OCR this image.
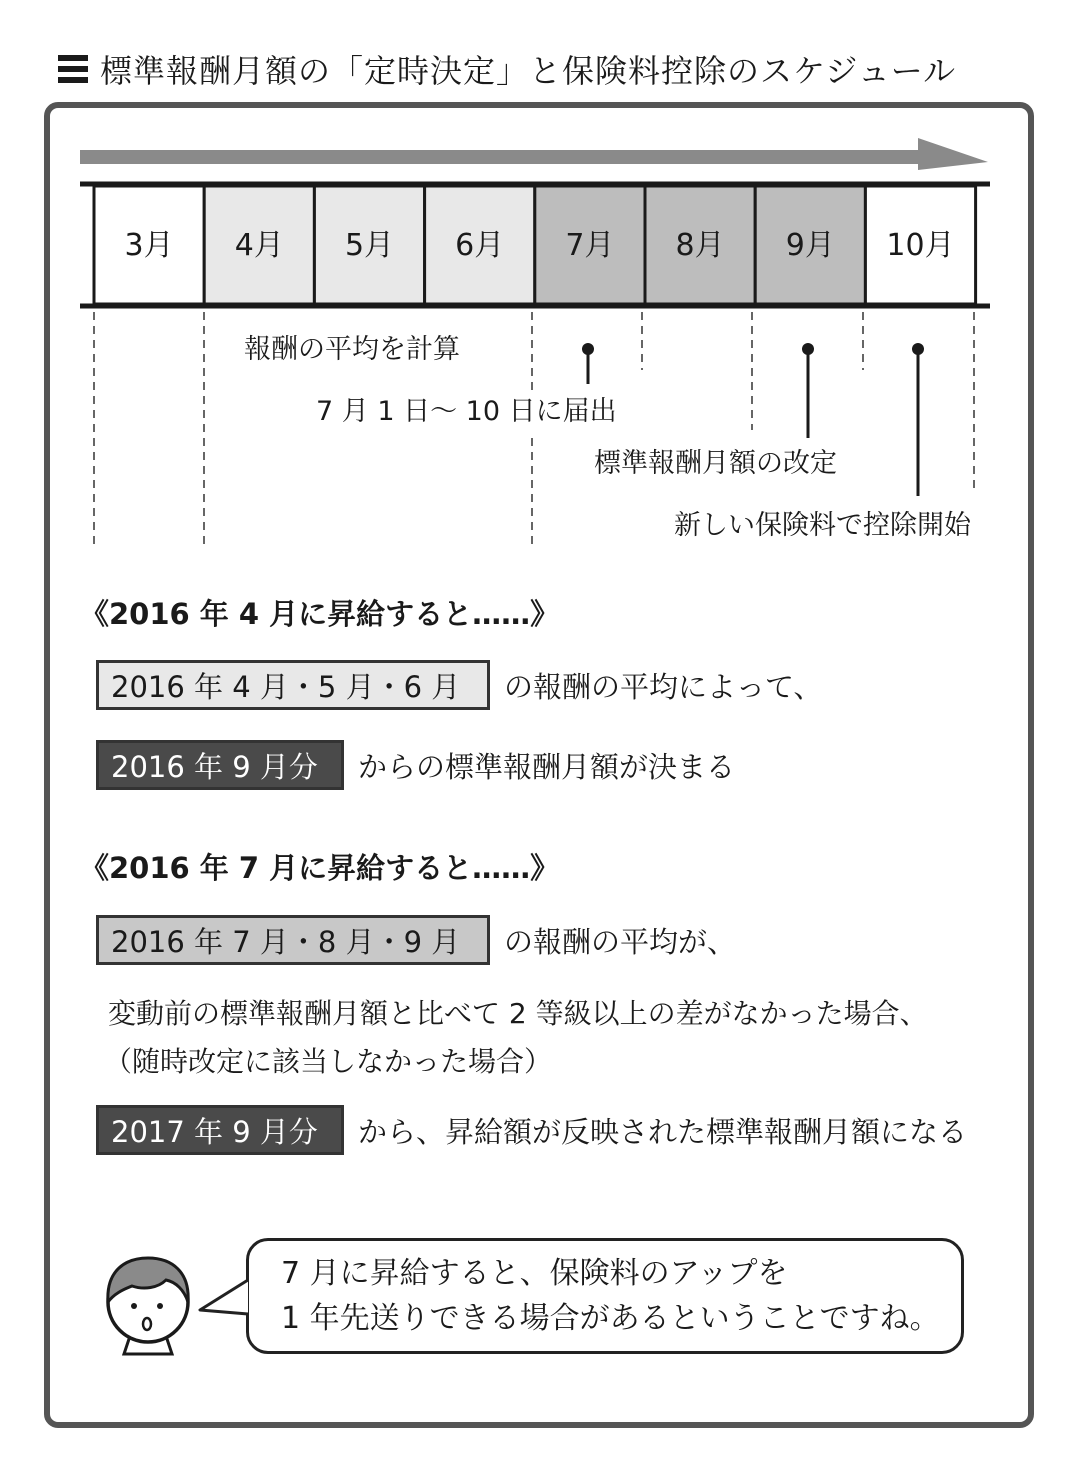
標準報酬月額の「定時決定」と保険料控除のスケジュール
3月 4月 5月 6月 7月 8月 9月 10月
報酬の平均を計算
7 月 1 日～ 10 日に届出
標準報酬月額の改定
新しい保険料で控除開始
《2016 年 4 月に昇給すると……》
2016 年 4 月・5 月・6 月	の報酬の平均によって、
2016 年 9 月分	からの標準報酬月額が決まる
《2016 年 7 月に昇給すると……》
2016 年 7 月・8 月・9 月	の報酬の平均が、
変動前の標準報酬月額と比べて 2 等級以上の差がなかった場合、
（随時改定に該当しなかった場合）
2017 年 9 月分	から、昇給額が反映された標準報酬月額になる
7 月に昇給すると、保険料のアップを
1 年先送りできる場合があるということですね。
